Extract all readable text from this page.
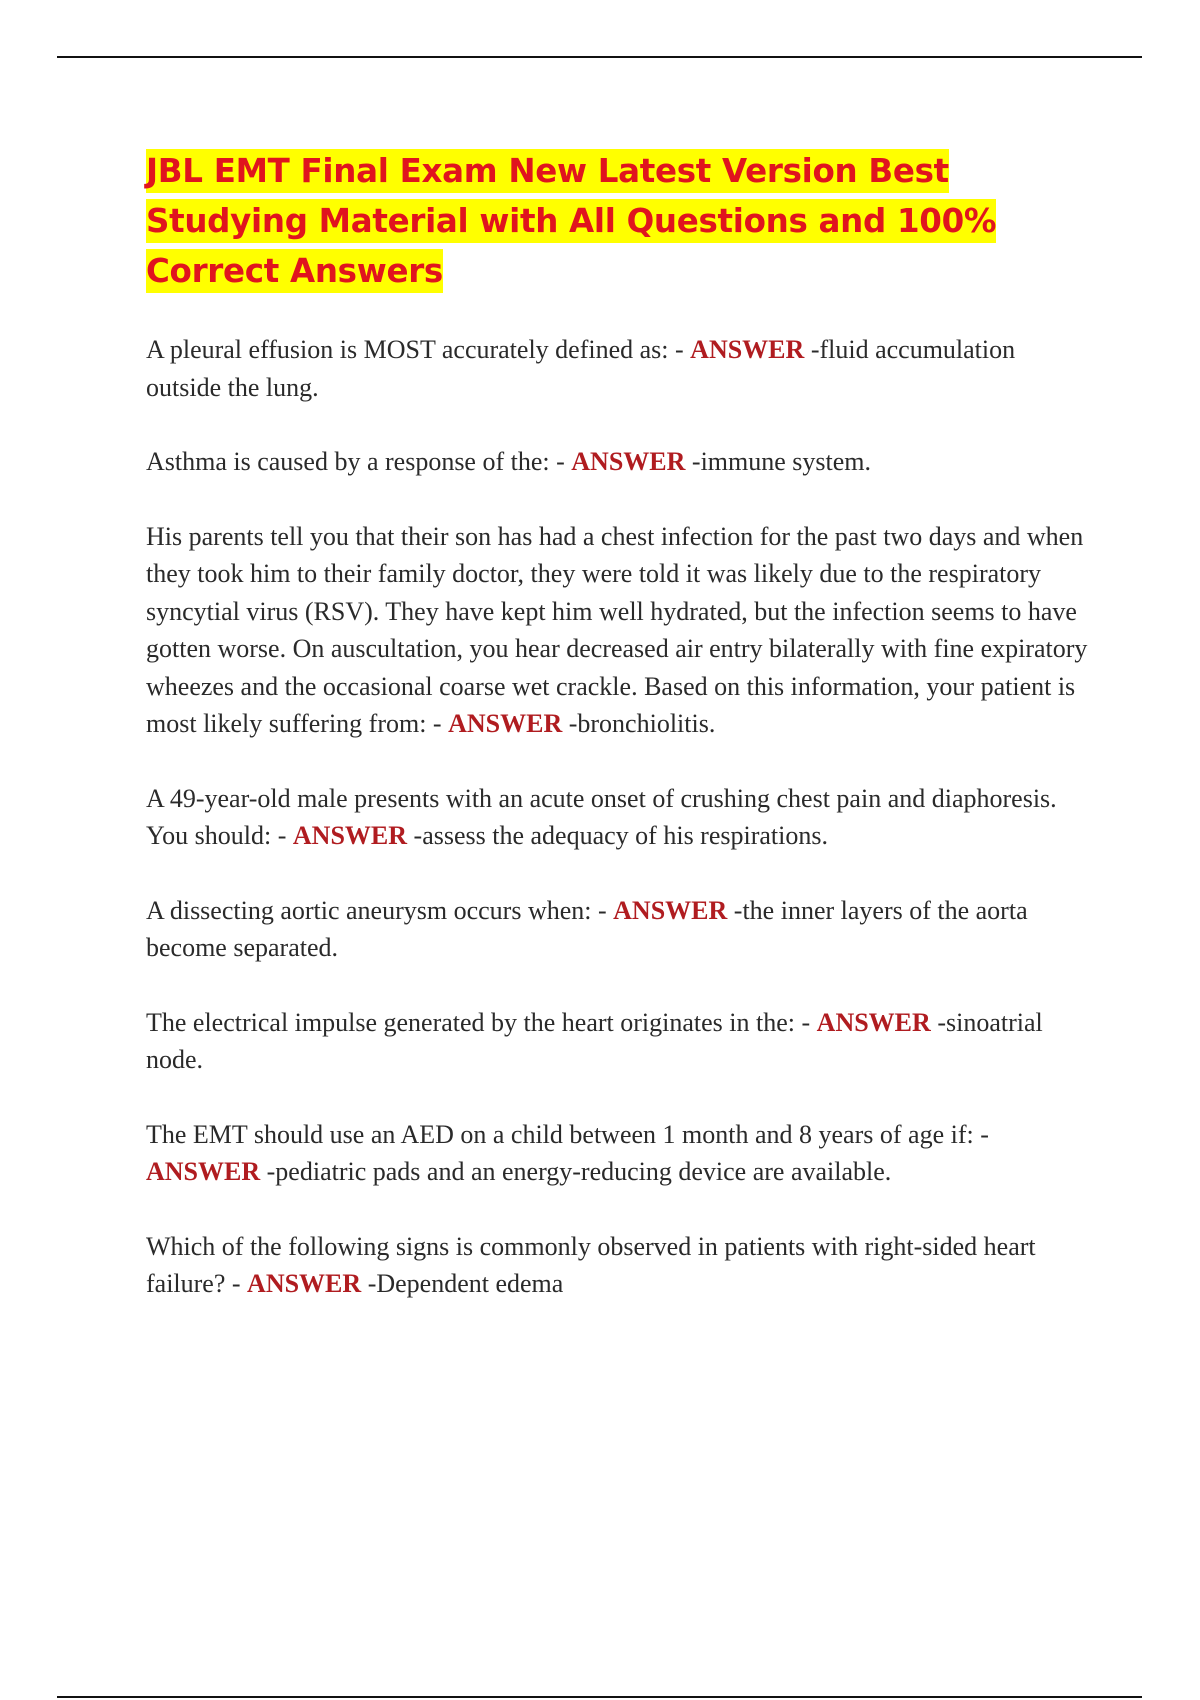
JBL EMT Final Exam New Latest Version Best Studying Material with All Questions and 100% Correct Answers

A pleural effusion is MOST accurately defined as: - ANSWER -fluid accumulation outside the lung.

Asthma is caused by a response of the: - ANSWER -immune system.

His parents tell you that their son has had a chest infection for the past two days and when they took him to their family doctor, they were told it was likely due to the respiratory syncytial virus (RSV). They have kept him well hydrated, but the infection seems to have gotten worse. On auscultation, you hear decreased air entry bilaterally with fine expiratory wheezes and the occasional coarse wet crackle. Based on this information, your patient is most likely suffering from: - ANSWER -bronchiolitis.

A 49-year-old male presents with an acute onset of crushing chest pain and diaphoresis. You should: - ANSWER -assess the adequacy of his respirations.

A dissecting aortic aneurysm occurs when: - ANSWER -the inner layers of the aorta become separated.

The electrical impulse generated by the heart originates in the: - ANSWER -sinoatrial node.

The EMT should use an AED on a child between 1 month and 8 years of age if: - ANSWER -pediatric pads and an energy-reducing device are available.

Which of the following signs is commonly observed in patients with right-sided heart failure? - ANSWER -Dependent edema
